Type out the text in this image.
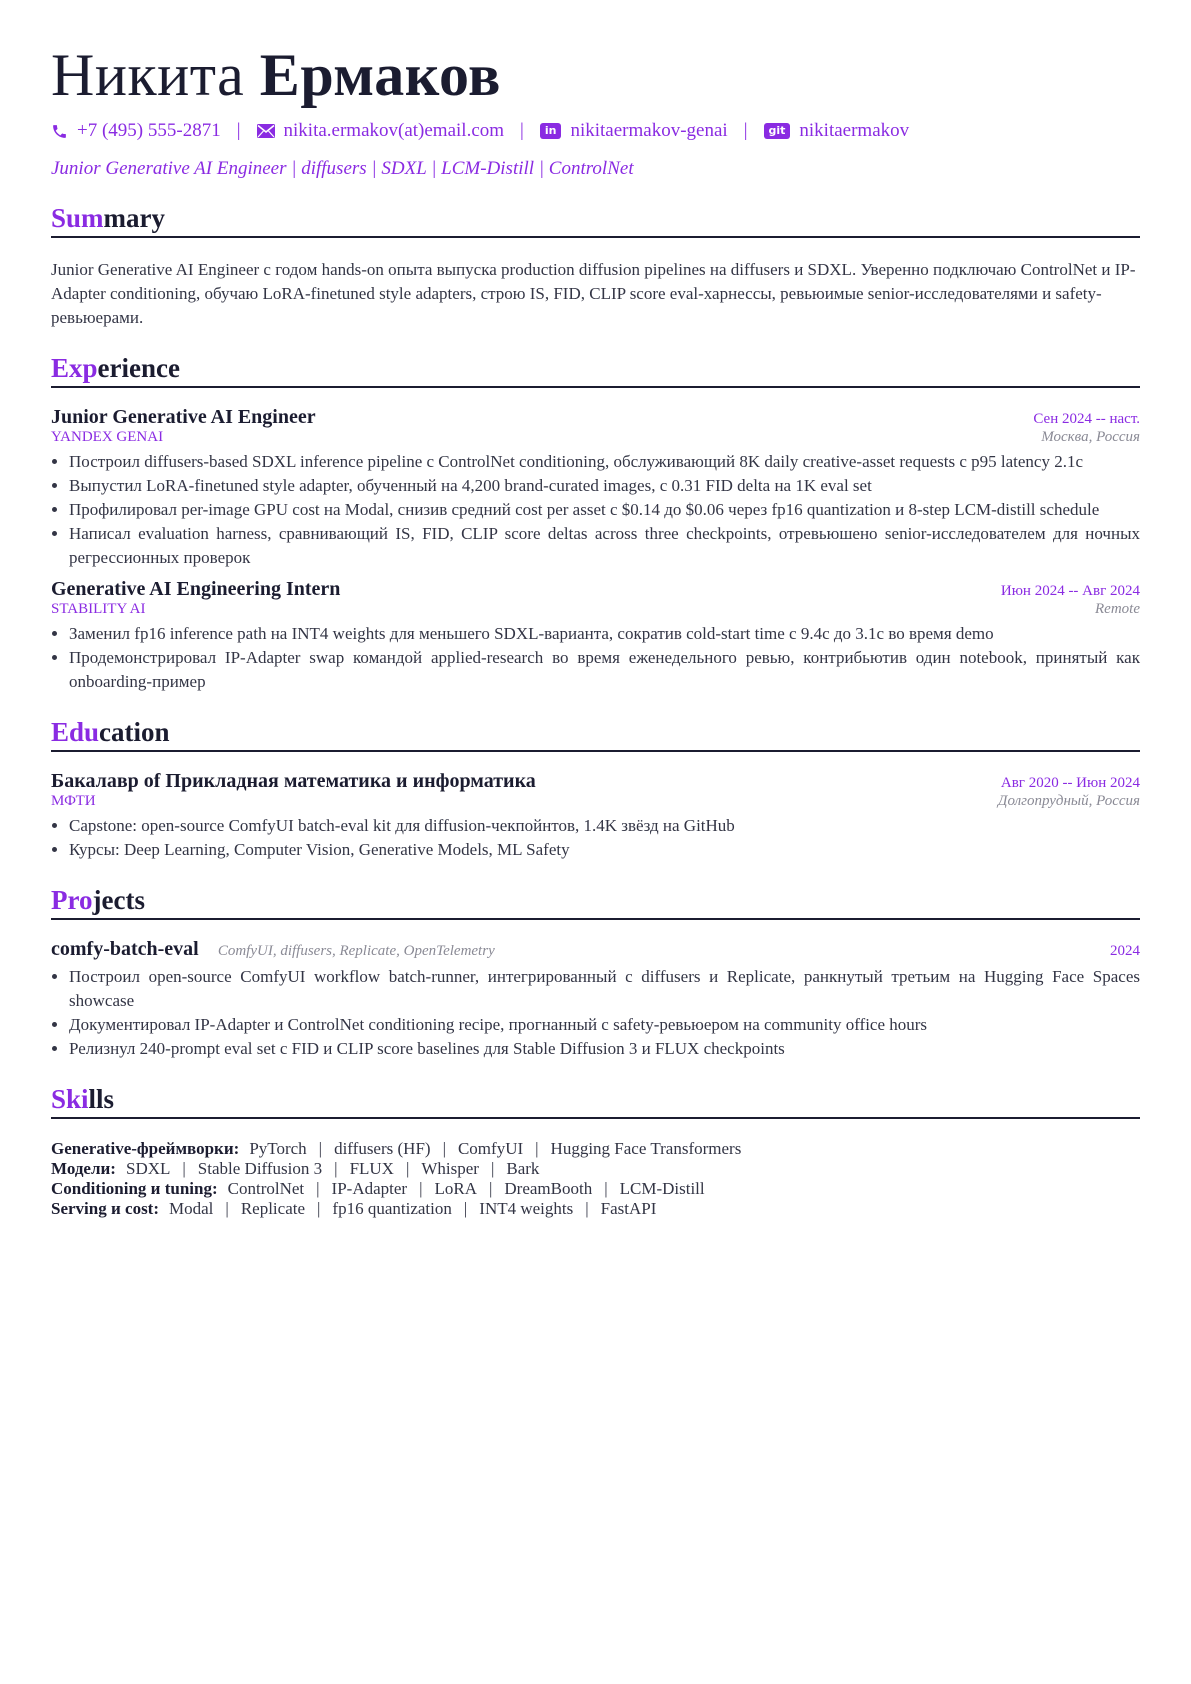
Никита Ермаков
+7 (495) 555-2871 | nikita.ermakov(at)email.com |	in nikitaermakov-genai |	git nikitaermakov
Junior Generative AI Engineer | diffusers | SDXL | LCM-Distill | ControlNet
Summary
Junior Generative AI Engineer с годом hands-on опыта выпуска production diffusion pipelines на diffusers и SDXL. Уверенно подключаю ControlNet и IP-Adapter conditioning, обучаю LoRA-finetuned style adapters, строю IS, FID, CLIP score eval-харнессы, ревьюимые senior-исследователями и safety-ревьюерами.
Experience
Junior Generative AI Engineer	Сен 2024 -- наст.
YANDEX GENAI	Москва, Россия
• Построил diffusers-based SDXL inference pipeline с ControlNet conditioning, обслуживающий 8K daily creative-asset requests с p95 latency 2.1с
• Выпустил LoRA-finetuned style adapter, обученный на 4,200 brand-curated images, с 0.31 FID delta на 1K eval set
• Профилировал per-image GPU cost на Modal, снизив средний cost per asset с $0.14 до $0.06 через fp16 quantization и 8-step LCM-distill schedule
• Написал evaluation harness, сравнивающий IS, FID, CLIP score deltas across three checkpoints, отревьюшено senior-исследователем для ночных регрессионных проверок
Generative AI Engineering Intern	Июн 2024 -- Авг 2024
STABILITY AI	Remote
• Заменил fp16 inference path на INT4 weights для меньшего SDXL-варианта, сократив cold-start time с 9.4с до 3.1с во время demo
• Продемонстрировал IP-Adapter swap командой applied-research во время еженедельного ревью, контрибьютив один notebook, принятый как onboarding-пример
Education
Бакалавр of Прикладная математика и информатика	Авг 2020 -- Июн 2024
МФТИ	Долгопрудный, Россия
• Capstone: open-source ComfyUI batch-eval kit для diffusion-чекпойнтов, 1.4K звёзд на GitHub
• Курсы: Deep Learning, Computer Vision, Generative Models, ML Safety
Projects
comfy-batch-eval ComfyUI, diffusers, Replicate, OpenTelemetry	2024
• Построил open-source ComfyUI workflow batch-runner, интегрированный с diffusers и Replicate, ранкнутый третьим на Hugging Face Spaces showcase
• Документировал IP-Adapter и ControlNet conditioning recipe, прогнанный с safety-ревьюером на community office hours
• Релизнул 240-prompt eval set с FID и CLIP score baselines для Stable Diffusion 3 и FLUX checkpoints
Skills
Generative-фреймворки: PyTorch | diffusers (HF) | ComfyUI | Hugging Face Transformers
Модели: SDXL | Stable Diffusion 3 | FLUX | Whisper | Bark
Conditioning и tuning: ControlNet | IP-Adapter | LoRA | DreamBooth | LCM-Distill
Serving и cost: Modal | Replicate | fp16 quantization | INT4 weights | FastAPI
